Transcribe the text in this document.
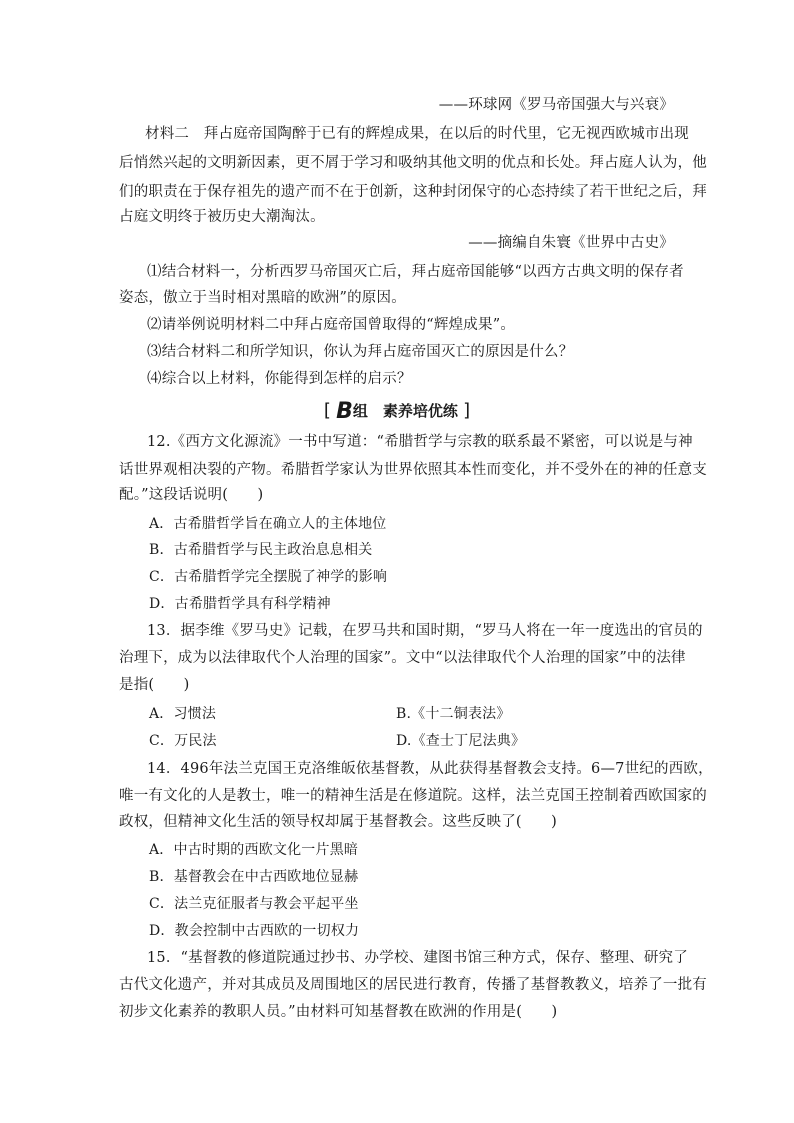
——环球网《罗马帝国强大与兴衰》
材料二　拜占庭帝国陶醉于已有的辉煌成果，在以后的时代里，它无视西欧城市出现
后悄然兴起的文明新因素，更不屑于学习和吸纳其他文明的优点和长处。拜占庭人认为，他
们的职责在于保存祖先的遗产而不在于创新，这种封闭保守的心态持续了若干世纪之后，拜
占庭文明终于被历史大潮淘汰。
——摘编自朱寰《世界中古史》
⑴结合材料一，分析西罗马帝国灭亡后，拜占庭帝国能够“以西方古典文明的保存者
姿态，傲立于当时相对黑暗的欧洲”的原因。
⑵请举例说明材料二中拜占庭帝国曾取得的“辉煌成果”。
⑶结合材料二和所学知识，你认为拜占庭帝国灭亡的原因是什么？
⑷综合以上材料，你能得到怎样的启示？
[ B组　素养培优练 ]
12.《西方文化源流》一书中写道：“希腊哲学与宗教的联系最不紧密，可以说是与神
话世界观相决裂的产物。希腊哲学家认为世界依照其本性而变化，并不受外在的神的任意支
配。”这段话说明(　　)
A．古希腊哲学旨在确立人的主体地位
B．古希腊哲学与民主政治息息相关
C．古希腊哲学完全摆脱了神学的影响
D．古希腊哲学具有科学精神
13．据李维《罗马史》记载，在罗马共和国时期，“罗马人将在一年一度选出的官员的
治理下，成为以法律取代个人治理的国家”。文中“以法律取代个人治理的国家”中的法律
是指(　　)
A．习惯法	B.《十二铜表法》
C．万民法	D.《查士丁尼法典》
14．496年法兰克国王克洛维皈依基督教，从此获得基督教会支持。6—7世纪的西欧，
唯一有文化的人是教士，唯一的精神生活是在修道院。这样，法兰克国王控制着西欧国家的
政权，但精神文化生活的领导权却属于基督教会。这些反映了(　　)
A．中古时期的西欧文化一片黑暗
B．基督教会在中古西欧地位显赫
C．法兰克征服者与教会平起平坐
D．教会控制中古西欧的一切权力
15．“基督教的修道院通过抄书、办学校、建图书馆三种方式，保存、整理、研究了
古代文化遗产，并对其成员及周围地区的居民进行教育，传播了基督教教义，培养了一批有
初步文化素养的教职人员。”由材料可知基督教在欧洲的作用是(　　)
